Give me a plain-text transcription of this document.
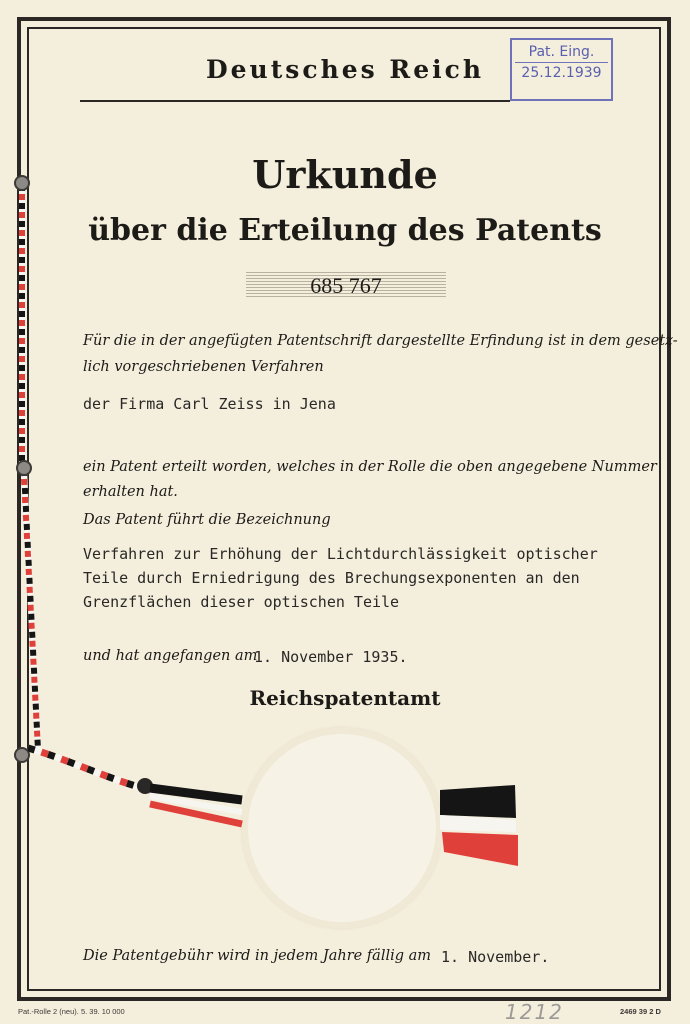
Deutsches Reich
Pat. Eing.
25.12.1939
Urkunde
über die Erteilung des Patents
685 767
Für die in der angefügten Patentschrift dargestellte Erfindung ist in dem gesetz-
lich vorgeschriebenen Verfahren
der Firma Carl Zeiss in Jena
ein Patent erteilt worden, welches in der Rolle die oben angegebene Nummer
erhalten hat.
Das Patent führt die Bezeichnung
Verfahren zur Erhöhung der Lichtdurchlässigkeit optischer
Teile durch Erniedrigung des Brechungsexponenten an den
Grenzflächen dieser optischen Teile
und hat angefangen am
1. November 1935.
Reichspatentamt
Die Patentgebühr wird in jedem Jahre fällig am 1. November.
Pat.-Rolle 2 (neu). 5. 39. 10 000	1212	2469 39 2 D
